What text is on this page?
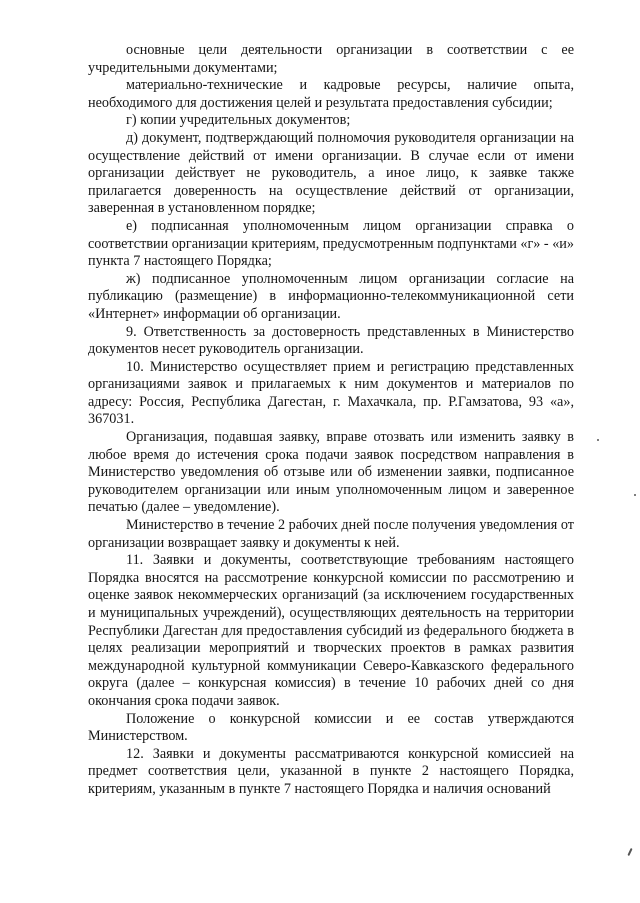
основные цели деятельности организации в соответствии с ее учредительными документами;

материально-технические и кадровые ресурсы, наличие опыта, необходимого для достижения целей и результата предоставления субсидии;

г) копии учредительных документов;

д) документ, подтверждающий полномочия руководителя организации на осуществление действий от имени организации. В случае если от имени организации действует не руководитель, а иное лицо, к заявке также прилагается доверенность на осуществление действий от организации, заверенная в установленном порядке;

е) подписанная уполномоченным лицом организации справка о соответствии организации критериям, предусмотренным подпунктами «г» - «и» пункта 7 настоящего Порядка;

ж) подписанное уполномоченным лицом организации согласие на публикацию (размещение) в информационно-телекоммуникационной сети «Интернет» информации об организации.

9. Ответственность за достоверность представленных в Министерство документов несет руководитель организации.

10. Министерство осуществляет прием и регистрацию представленных организациями заявок и прилагаемых к ним документов и материалов по адресу: Россия, Республика Дагестан, г. Махачкала, пр. Р.Гамзатова, 93 «а», 367031.

Организация, подавшая заявку, вправе отозвать или изменить заявку в любое время до истечения срока подачи заявок посредством направления в Министерство уведомления об отзыве или об изменении заявки, подписанное руководителем организации или иным уполномоченным лицом и заверенное печатью (далее – уведомление).

Министерство в течение 2 рабочих дней после получения уведомления от организации возвращает заявку и документы к ней.

11. Заявки и документы, соответствующие требованиям настоящего Порядка вносятся на рассмотрение конкурсной комиссии по рассмотрению и оценке заявок некоммерческих организаций (за исключением государственных и муниципальных учреждений), осуществляющих деятельность на территории Республики Дагестан для предоставления субсидий из федерального бюджета в целях реализации мероприятий и творческих проектов в рамках развития международной культурной коммуникации Северо-Кавказского федерального округа (далее – конкурсная комиссия) в течение 10 рабочих дней со дня окончания срока подачи заявок.

Положение о конкурсной комиссии и ее состав утверждаются Министерством.

12. Заявки и документы рассматриваются конкурсной комиссией на предмет соответствия цели, указанной в пункте 2 настоящего Порядка, критериям, указанным в пункте 7 настоящего Порядка и наличия оснований
